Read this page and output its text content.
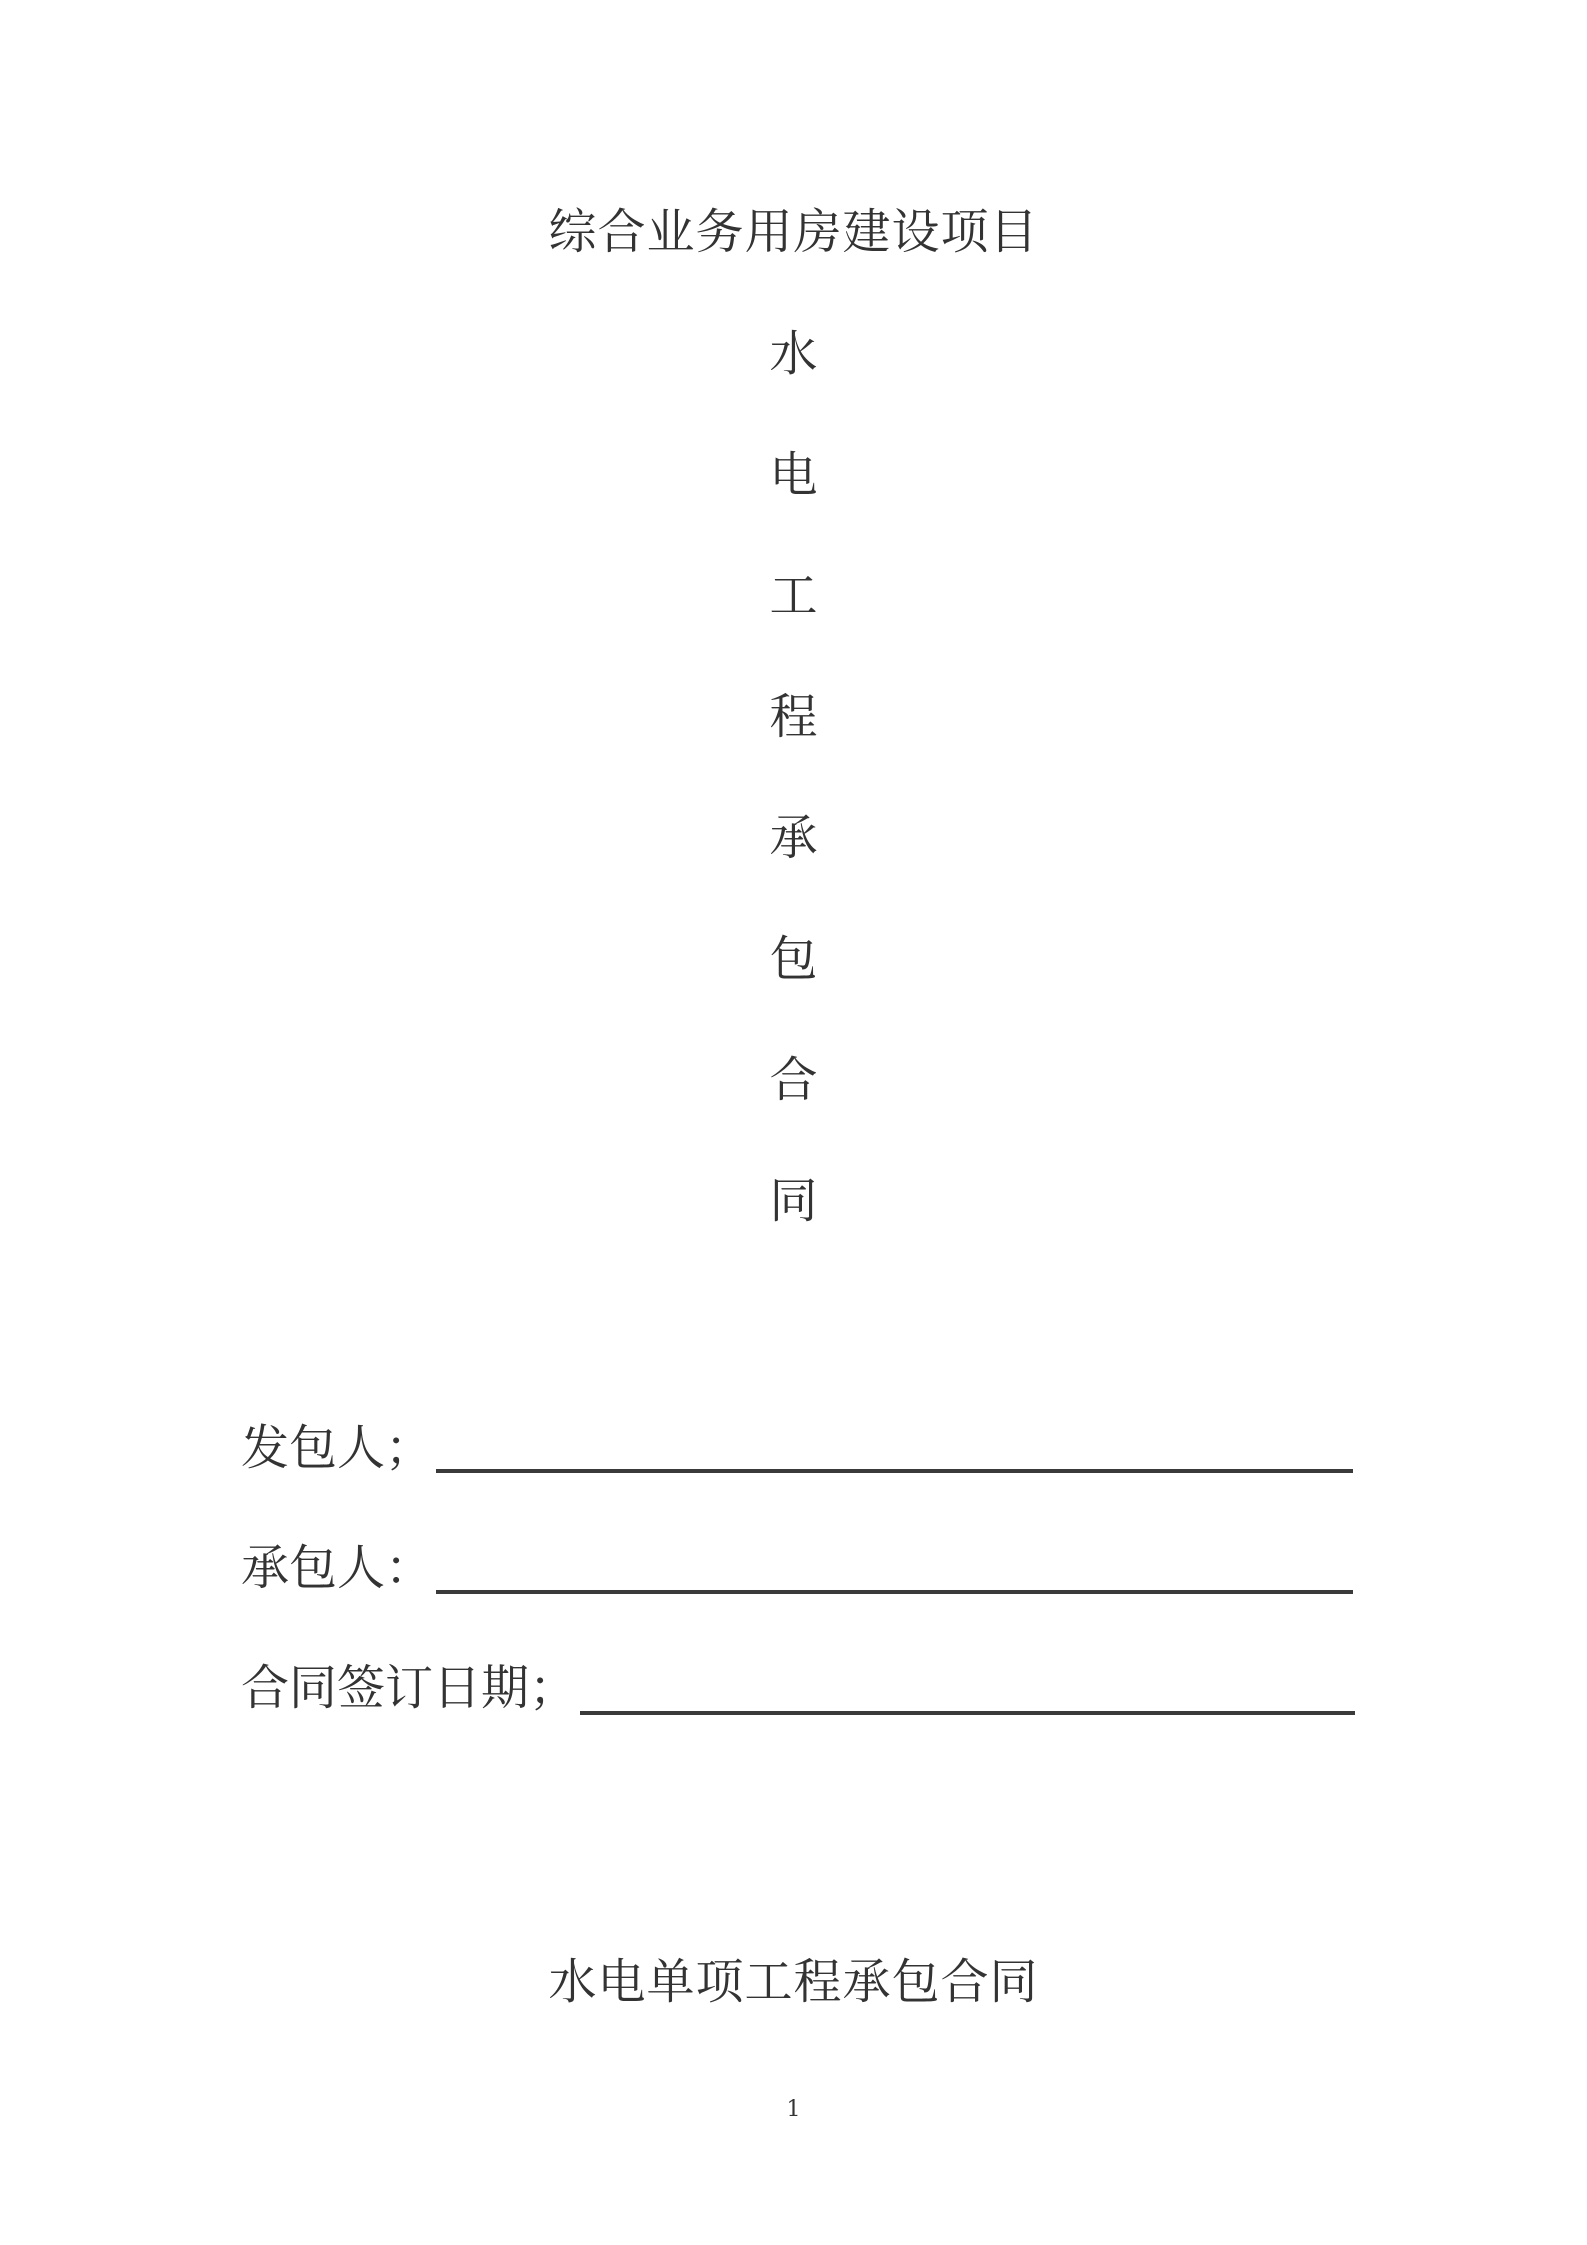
综合业务用房建设项目
水
电
工
程
承
包
合
同
发包人；
承包人：
合同签订日期；
水电单项工程承包合同
1
